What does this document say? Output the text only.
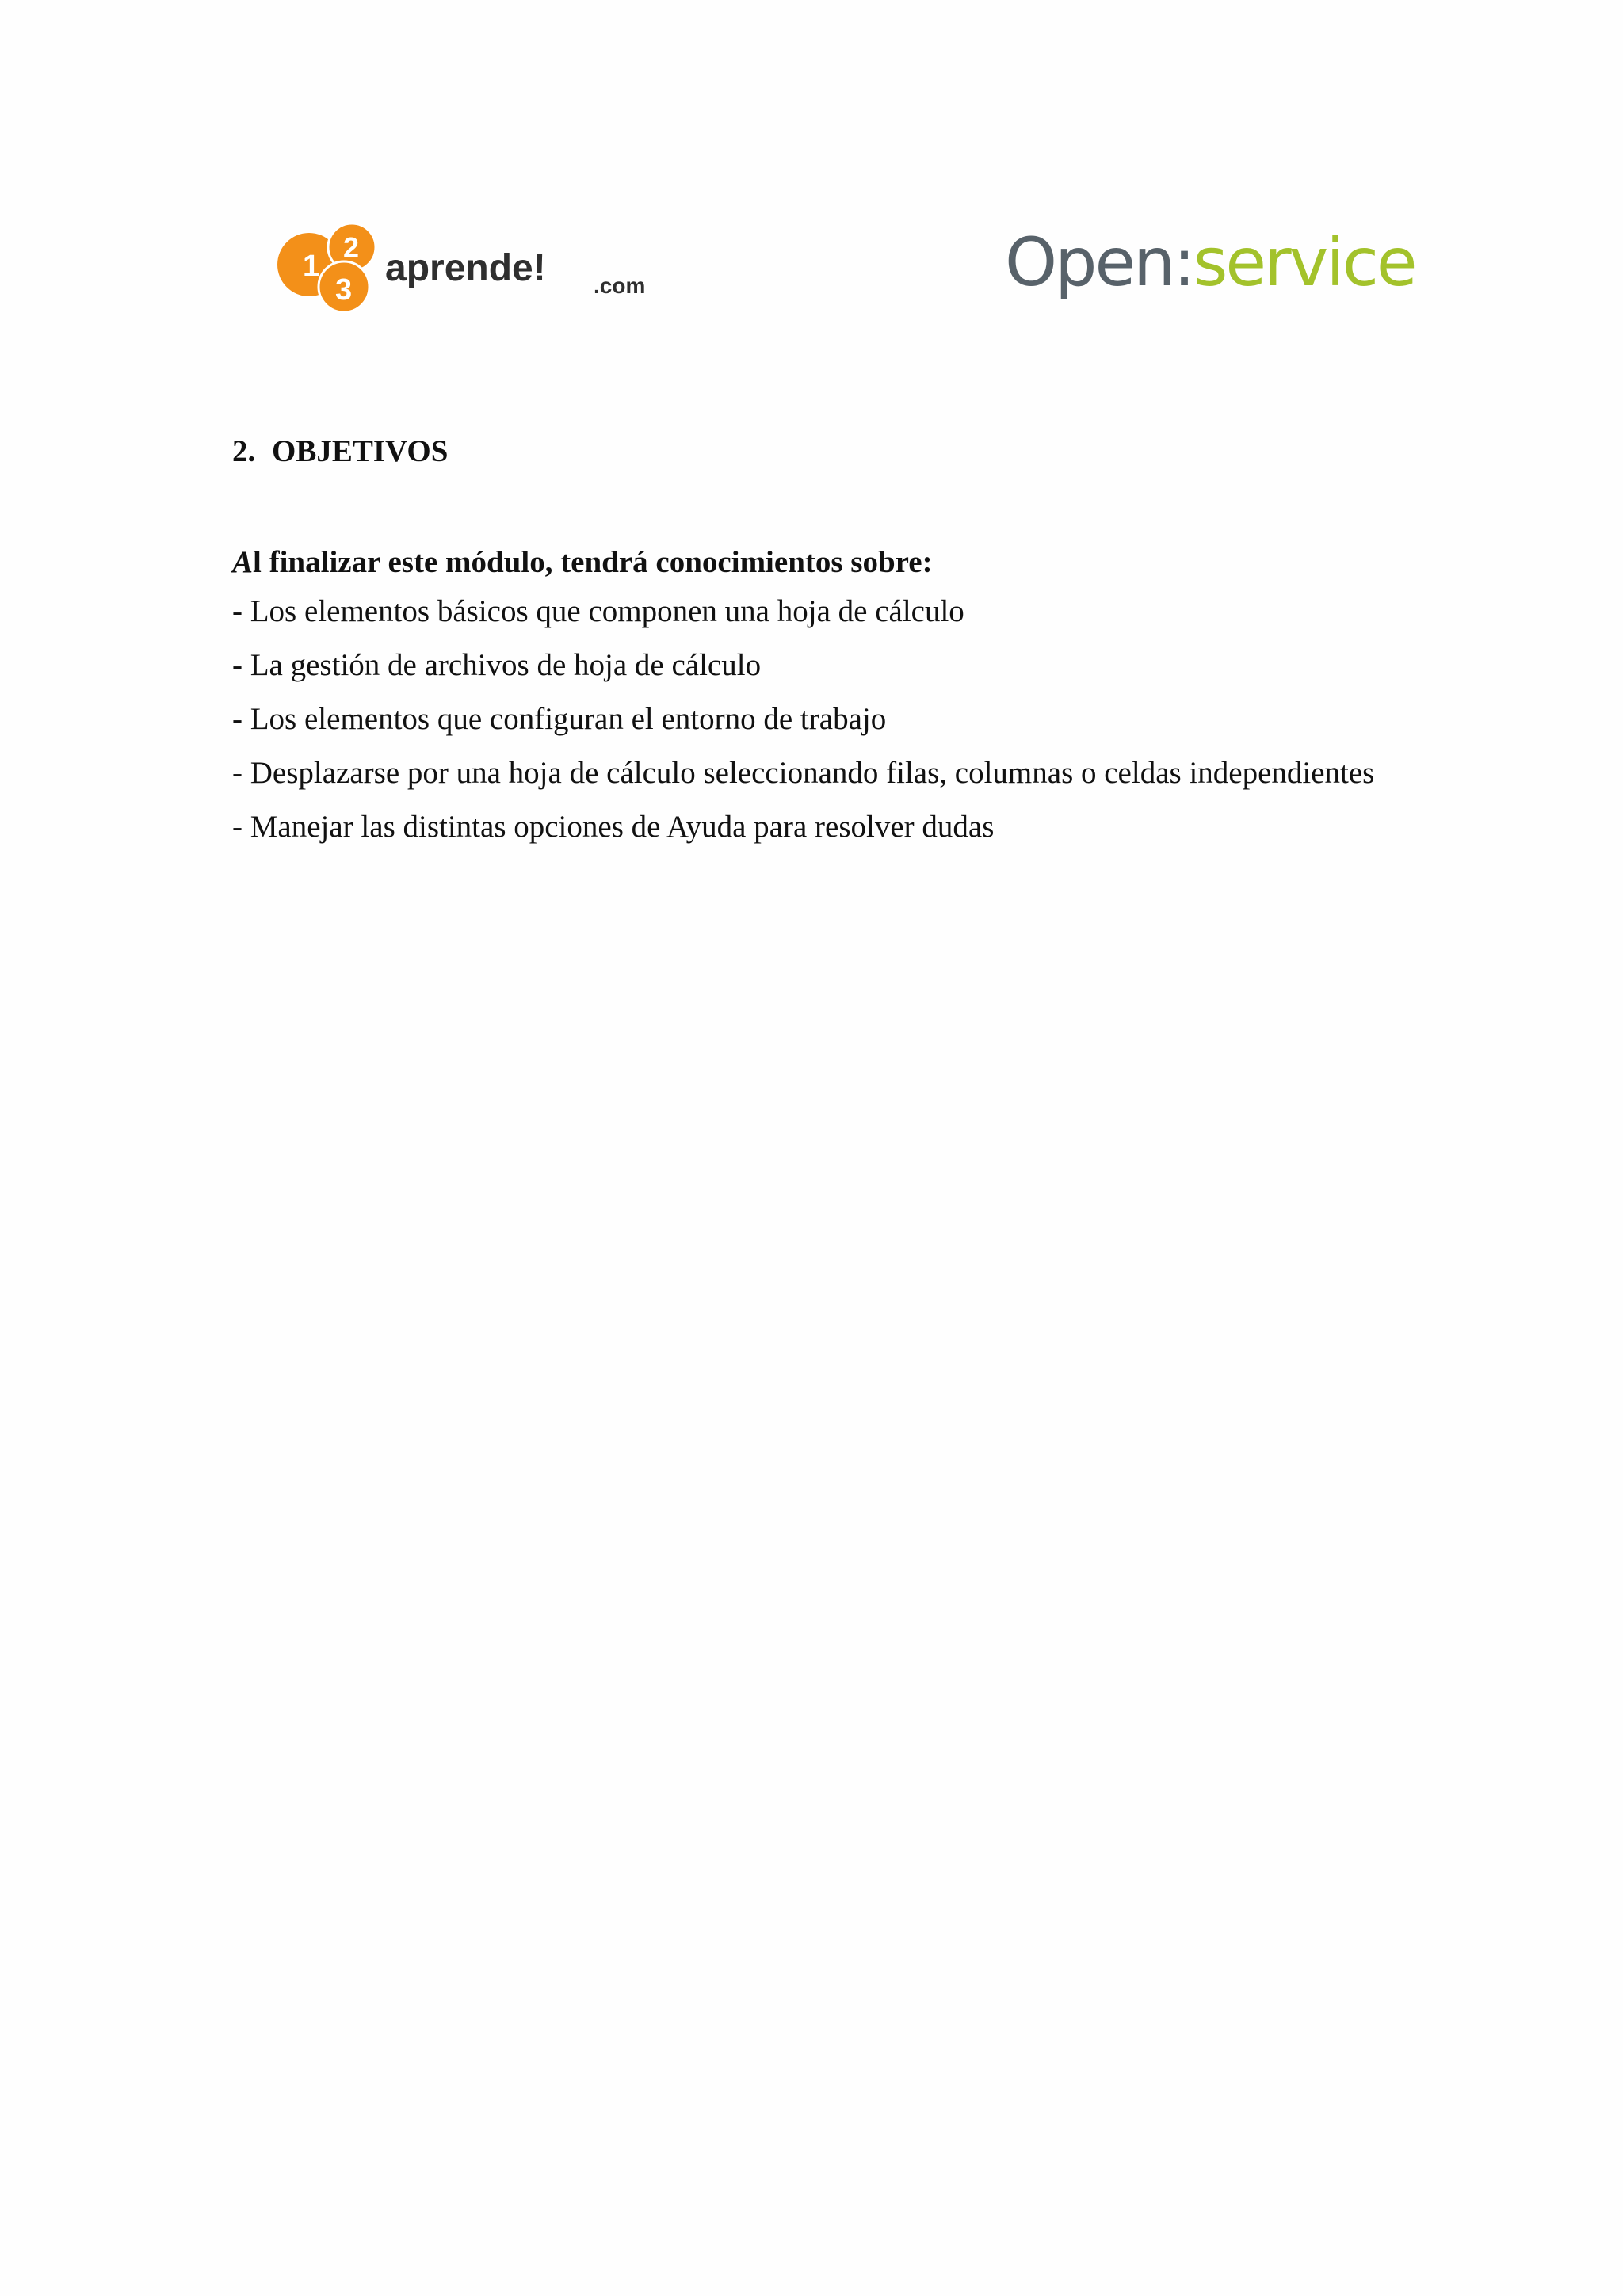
1
2
3
aprende! .com	Open:service
2. OBJETIVOS

Al finalizar este módulo, tendrá conocimientos sobre:

- Los elementos básicos que componen una hoja de cálculo
- La gestión de archivos de hoja de cálculo
- Los elementos que configuran el entorno de trabajo
- Desplazarse por una hoja de cálculo seleccionando filas, columnas o celdas independientes
- Manejar las distintas opciones de Ayuda para resolver dudas
